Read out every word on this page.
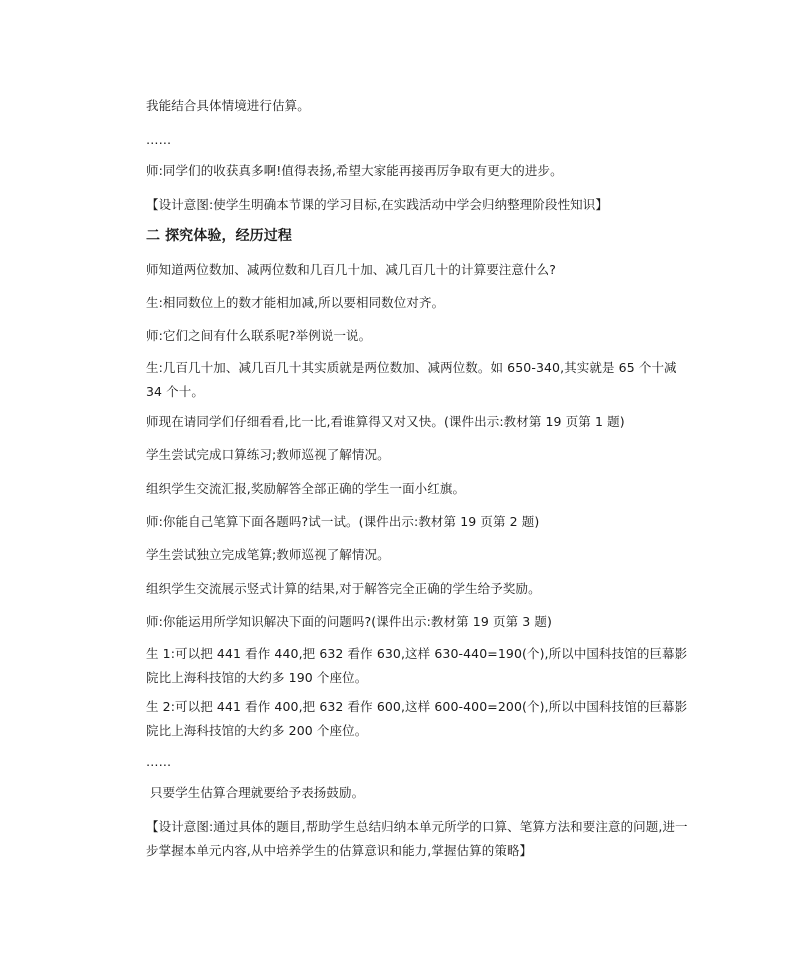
我能结合具体情境进行估算。
……
师:同学们的收获真多啊!值得表扬,希望大家能再接再厉争取有更大的进步。
【设计意图:使学生明确本节课的学习目标,在实践活动中学会归纳整理阶段性知识】
二 探究体验，经历过程
师知道两位数加、减两位数和几百几十加、减几百几十的计算要注意什么?
生:相同数位上的数才能相加减,所以要相同数位对齐。
师:它们之间有什么联系呢?举例说一说。
生:几百几十加、减几百几十其实质就是两位数加、减两位数。如 650-340,其实就是 65 个十减 34 个十。
师现在请同学们仔细看看,比一比,看谁算得又对又快。(课件出示:教材第 19 页第 1 题)
学生尝试完成口算练习;教师巡视了解情况。
组织学生交流汇报,奖励解答全部正确的学生一面小红旗。
师:你能自己笔算下面各题吗?试一试。(课件出示:教材第 19 页第 2 题)
学生尝试独立完成笔算;教师巡视了解情况。
组织学生交流展示竖式计算的结果,对于解答完全正确的学生给予奖励。
师:你能运用所学知识解决下面的问题吗?(课件出示:教材第 19 页第 3 题)
生 1:可以把 441 看作 440,把 632 看作 630,这样 630-440=190(个),所以中国科技馆的巨幕影院比上海科技馆的大约多 190 个座位。
生 2:可以把 441 看作 400,把 632 看作 600,这样 600-400=200(个),所以中国科技馆的巨幕影院比上海科技馆的大约多 200 个座位。
……
只要学生估算合理就要给予表扬鼓励。
【设计意图:通过具体的题目,帮助学生总结归纳本单元所学的口算、笔算方法和要注意的问题,进一步掌握本单元内容,从中培养学生的估算意识和能力,掌握估算的策略】
